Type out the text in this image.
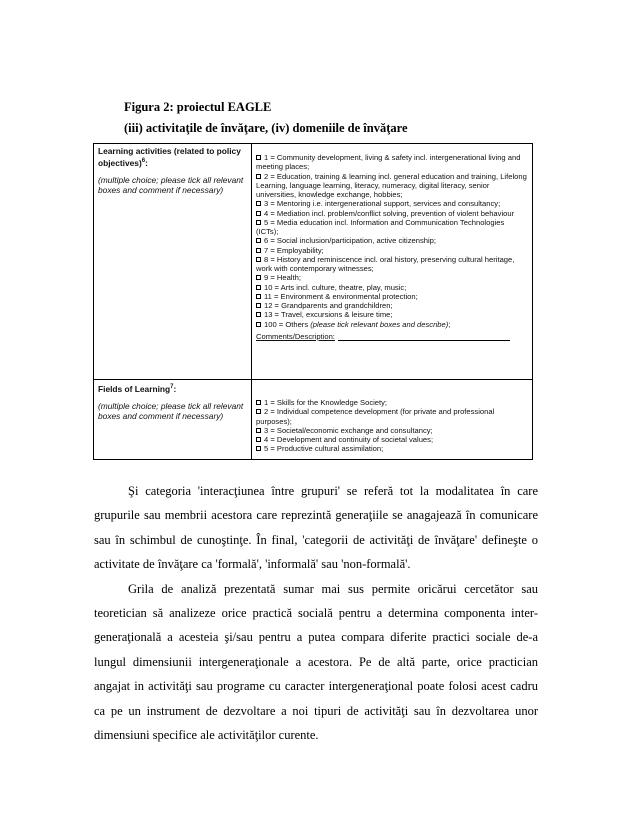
Figura 2: proiectul EAGLE
(iii) activitaţile de învăţare, (iv) domeniile de învăţare
Learning activities (related to policy objectives)$^6$:
(multiple choice; please tick all relevant boxes and comment if necessary)
1 = Community development, living & safety incl. intergenerational living and meeting places;
2 = Education, training & learning incl. general education and training, Lifelong Learning, language learning, literacy, numeracy, digital literacy, senior universities, knowledge exchange, hobbies;
3 = Mentoring i.e. intergenerational support, services and consultancy;
4 = Mediation incl. problem/conflict solving, prevention of violent behaviour
5 = Media education incl. Information and Communication Technologies (ICTs);
6 = Social inclusion/participation, active citizenship;
7 = Employability;
8 = History and reminiscence incl. oral history, preserving cultural heritage, work with contemporary witnesses;
9 = Health;
10 = Arts incl. culture, theatre, play, music;
11 = Environment & environmental protection;
12 = Grandparents and grandchildren;
13 = Travel, excursions & leisure time;
100 = Others (please tick relevant boxes and describe);
Comments/Description:
Fields of Learning$^7$:
(multiple choice; please tick all relevant boxes and comment if necessary)
1 = Skills for the Knowledge Society;
2 = Individual competence development (for private and professional purposes);
3 = Societal/economic exchange and consultancy;
4 = Development and continuity of societal values;
5 = Productive cultural assimilation;

Şi categoria 'interacţiunea între grupuri' se referă tot la modalitatea în care grupurile sau membrii acestora care reprezintă generaţiile se anagajează în comunicare sau în schimbul de cunoştinţe. În final, 'categorii de activităţi de învăţare' defineşte o activitate de învăţare ca 'formală', 'informală' sau 'non-formală'.

Grila de analiză prezentată sumar mai sus permite oricărui cercetător sau teoretician să analizeze orice practică socială pentru a determina componenta inter-generaţională a acesteia şi/sau pentru a putea compara diferite practici sociale de-a lungul dimensiunii intergeneraţionale a acestora. Pe de altă parte, orice practician angajat in activităţi sau programe cu caracter intergeneraţional poate folosi acest cadru ca pe un instrument de dezvoltare a noi tipuri de activităţi sau în dezvoltarea unor dimensiuni specifice ale activităţilor curente.
